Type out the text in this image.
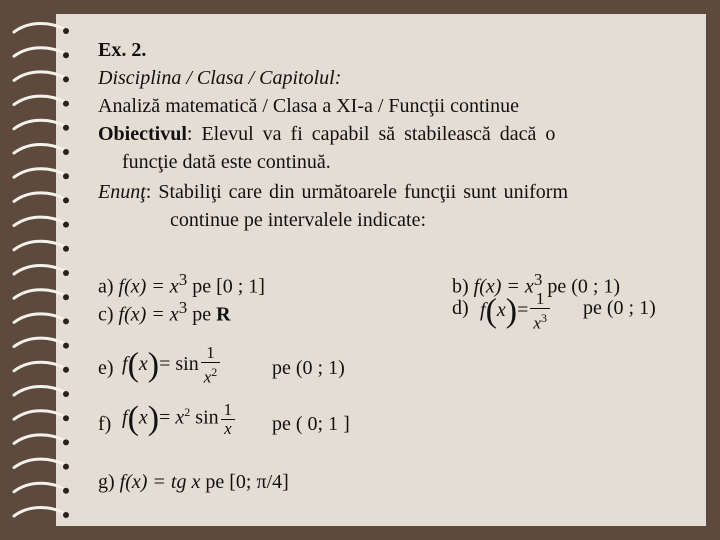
Ex. 2.
Disciplina / Clasa / Capitolul:
Analiză matematică / Clasa a XI-a / Funcţii continue
Obiectivul: Elevul va fi capabil să stabilească dacă o
funcţie dată este continuă.
Enunţ: Stabiliţi care din următoarele funcţii sunt uniform
continue pe intervalele indicate:
a) $f(x) = x^3$ pe [0 ; 1]	b) $f(x) = x^3$ pe (0 ; 1)
c) $f(x) = x^3$ pe R	d) $f(x)= \frac{1}{x^3}$ pe (0 ; 1)
e) $f(x)= \sin \frac{1}{x^2}$	pe (0 ; 1)
f) $f(x)= x^2$ $\sin \frac{1}{x}$ pe ( 0; 1 ]
g) f(x) = tg x pe [0; π/4]
